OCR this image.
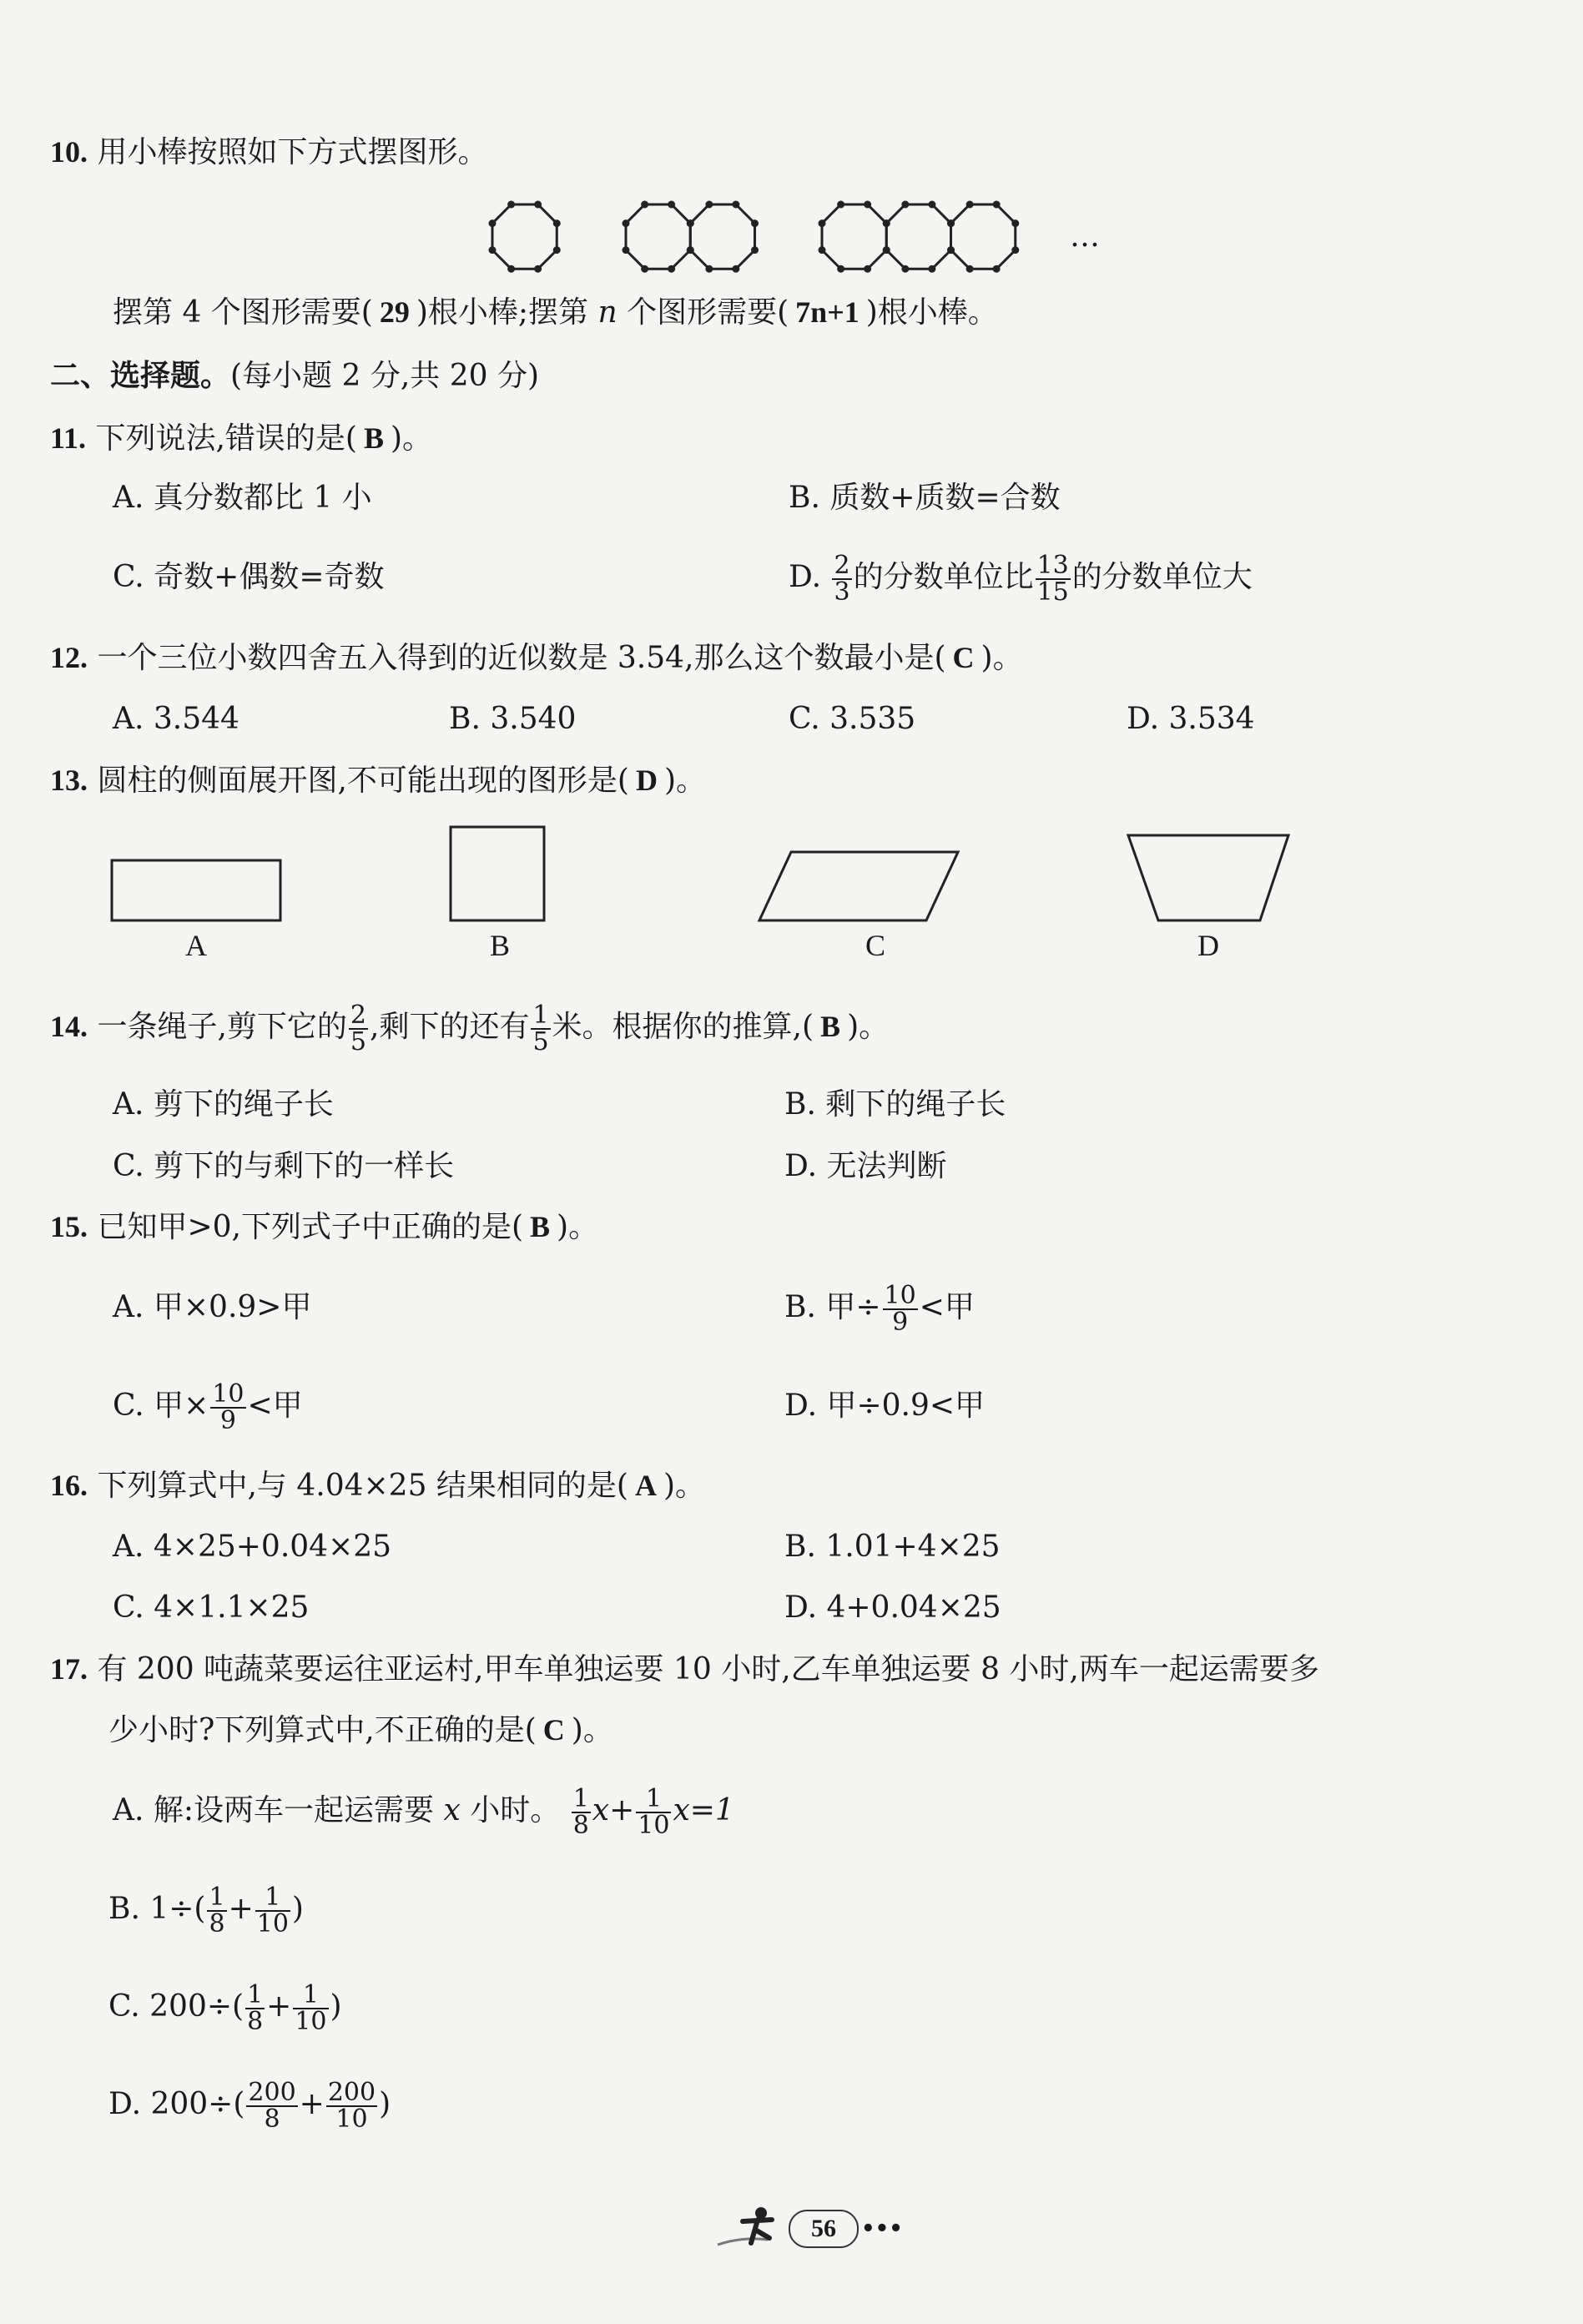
10. 用小棒按照如下方式摆图形。
…
摆第 4 个图形需要( 29 )根小棒;摆第 n 个图形需要( 7n+1 )根小棒。
二、选择题。(每小题 2 分,共 20 分)
11. 下列说法,错误的是( B )。
A. 真分数都比 1 小	B. 质数+质数=合数
C. 奇数+偶数=奇数	D. $\frac{2}{3}$ 的分数单位比 $\frac{13}{15}$ 的分数单位大
12. 一个三位小数四舍五入得到的近似数是 3.54,那么这个数最小是( C )。
A. 3.544	B. 3.540	C. 3.535	D. 3.534
13. 圆柱的侧面展开图,不可能出现的图形是( D )。
A	B	C	D
14. 一条绳子,剪下它的 $\frac{2}{5}$ ,剩下的还有 $\frac{1}{5}$ 米。根据你的推算,( B )。
A. 剪下的绳子长	B. 剩下的绳子长
C. 剪下的与剩下的一样长	D. 无法判断
15. 已知甲>0,下列式子中正确的是( B )。
A. 甲×0.9>甲	B. 甲÷ $\frac{10}{9}$ <甲
C. 甲× $\frac{10}{9}$ <甲	D. 甲÷0.9<甲
16. 下列算式中,与 4.04×25 结果相同的是( A )。
A. 4×25+0.04×25	B. 1.01+4×25
C. 4×1.1×25	D. 4+0.04×25
17. 有 200 吨蔬菜要运往亚运村,甲车单独运要 10 小时,乙车单独运要 8 小时,两车一起运需要多
少小时?下列算式中,不正确的是( C )。
A. 解:设两车一起运需要 x 小时。 $\frac{1}{8} x+ \frac{1}{10} x=1$
B. $1\div( \frac{1}{8} + \frac{1}{10}$ )
C. $200\div( \frac{1}{8} + \frac{1}{10}$ )
D. $200\div( \frac{200}{8} + \frac{200}{10}$ )
56	•••
